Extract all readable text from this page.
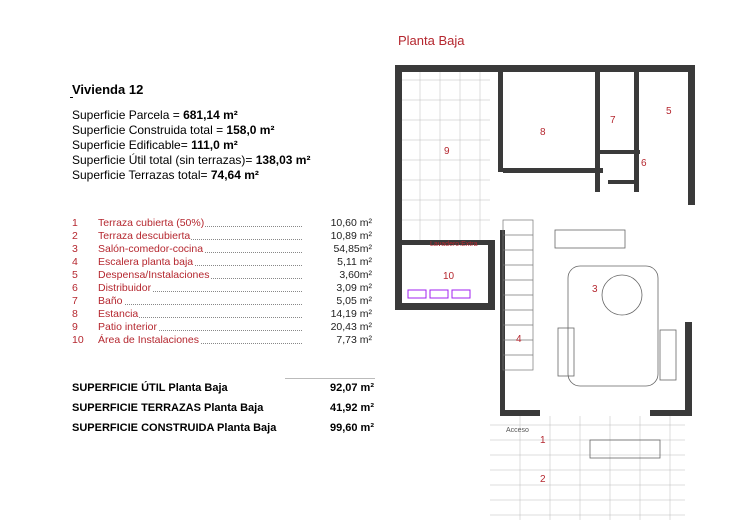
Planta Baja
Vivienda 12
Superficie Parcela = 681,14 m²
Superficie Construida total = 158,0 m²
Superficie Edificable= 111,0 m²
Superficie Útil total (sin terrazas)= 138,03 m²
Superficie Terrazas total= 74,64 m²
1 Terraza cubierta (50%)	10,60 m²
2 Terraza descubierta	10,89 m²
3 Salón-comedor-cocina	54,85m²
4 Escalera planta baja	5,11 m²
5 Despensa/Instalaciones	3,60m²
6 Distribuidor	3,09 m²
7 Baño	5,05 m²
8 Estancia	14,19 m²
9 Patio interior	20,43 m²
10 Área de Instalaciones	7,73 m²
SUPERFICIE ÚTIL Planta Baja	92,07 m²
SUPERFICIE TERRAZAS Planta Baja	41,92 m²
SUPERFICIE CONSTRUIDA Planta Baja	99,60 m²
1
2
3
4
5
6
7
8
9
10
Lavadero:Extra
Acceso
